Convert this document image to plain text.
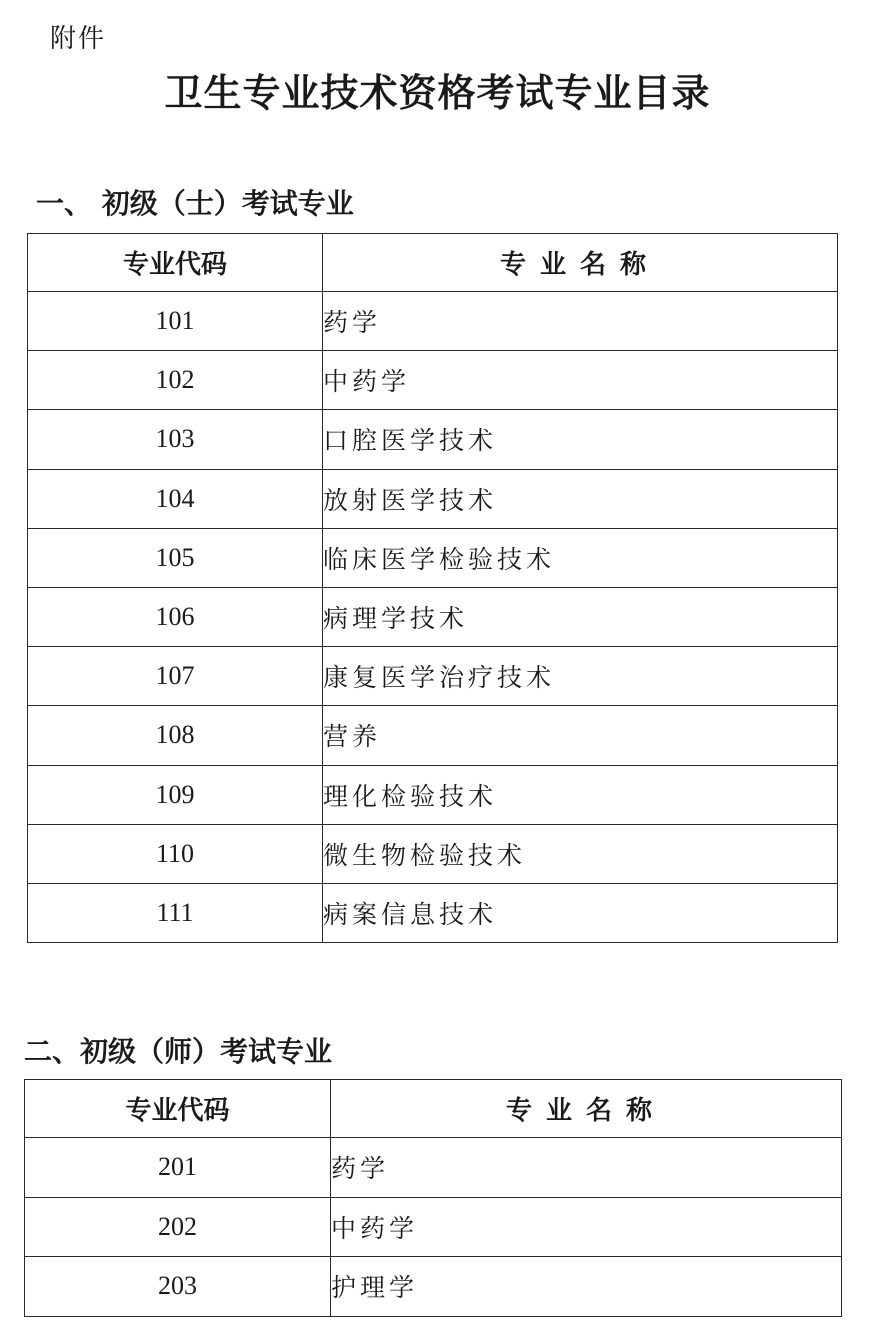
附件
卫生专业技术资格考试专业目录
一、 初级（士）考试专业
专业代码	专业名称
101	药学
102	中药学
103	口腔医学技术
104	放射医学技术
105	临床医学检验技术
106	病理学技术
107	康复医学治疗技术
108	营养
109	理化检验技术
110	微生物检验技术
111	病案信息技术
二、初级（师）考试专业
专业代码	专业名称
201	药学
202	中药学
203	护理学
